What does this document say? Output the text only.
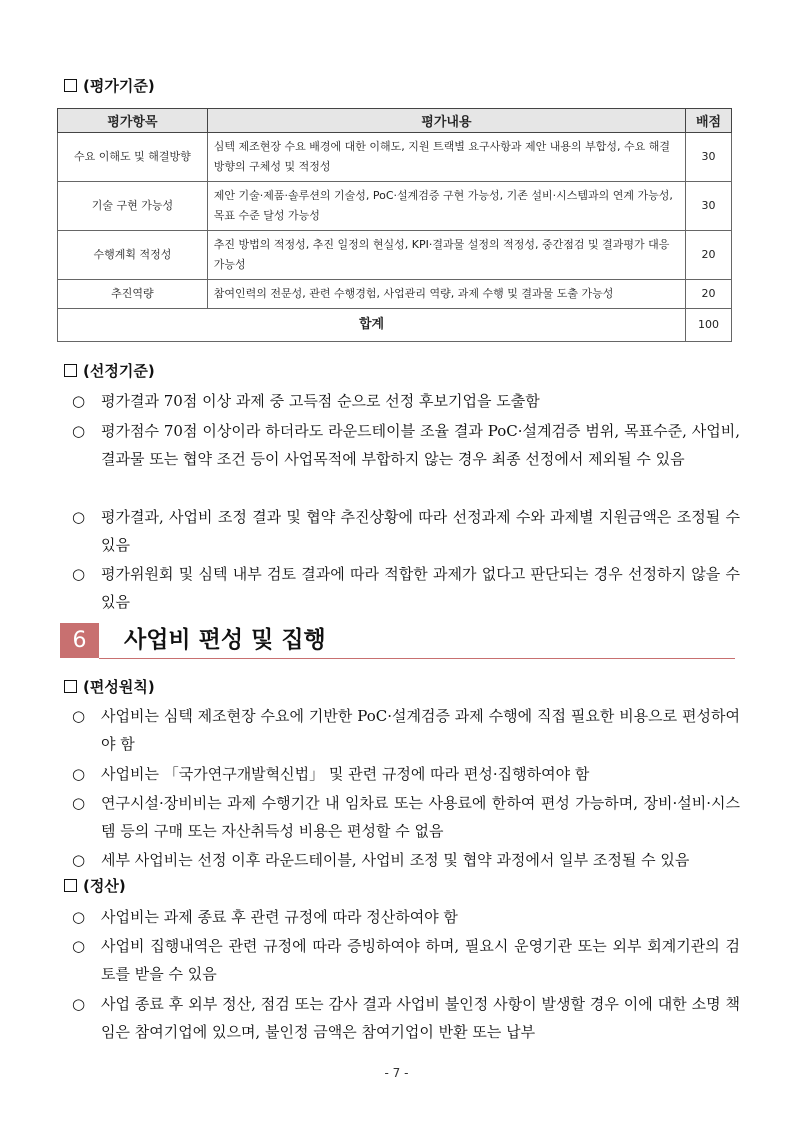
(평가기준)
평가항목	평가내용	배점
수요 이해도 및 해결방향	심텍 제조현장 수요 배경에 대한 이해도, 지원 트랙별 요구사항과 제안 내용의 부합성, 수요 해결 방향의 구체성 및 적정성	30
기술 구현 가능성	제안 기술·제품·솔루션의 기술성, PoC·설계검증 구현 가능성, 기존 설비·시스템과의 연계 가능성, 목표 수준 달성 가능성	30
수행계획 적정성	추진 방법의 적정성, 추진 일정의 현실성, KPI·결과물 설정의 적정성, 중간점검 및 결과평가 대응 가능성	20
추진역량	참여인력의 전문성, 관련 수행경험, 사업관리 역량, 과제 수행 및 결과물 도출 가능성	20
합계		100
(선정기준)
○	평가결과 70점 이상 과제 중 고득점 순으로 선정 후보기업을 도출함
○	평가점수 70점 이상이라 하더라도 라운드테이블 조율 결과 PoC·설계검증 범위, 목표수준, 사업비, 결과물 또는 협약 조건 등이 사업목적에 부합하지 않는 경우 최종 선정에서 제외될 수 있음
○	평가결과, 사업비 조정 결과 및 협약 추진상황에 따라 선정과제 수와 과제별 지원금액은 조정될 수 있음
○	평가위원회 및 심텍 내부 검토 결과에 따라 적합한 과제가 없다고 판단되는 경우 선정하지 않을 수 있음
6	사업비 편성 및 집행
(편성원칙)
○	사업비는 심텍 제조현장 수요에 기반한 PoC·설계검증 과제 수행에 직접 필요한 비용으로 편성하여야 함
○	사업비는 「국가연구개발혁신법」 및 관련 규정에 따라 편성·집행하여야 함
○	연구시설·장비비는 과제 수행기간 내 임차료 또는 사용료에 한하여 편성 가능하며, 장비·설비·시스템 등의 구매 또는 자산취득성 비용은 편성할 수 없음
○	세부 사업비는 선정 이후 라운드테이블, 사업비 조정 및 협약 과정에서 일부 조정될 수 있음
(정산)
○	사업비는 과제 종료 후 관련 규정에 따라 정산하여야 함
○	사업비 집행내역은 관련 규정에 따라 증빙하여야 하며, 필요시 운영기관 또는 외부 회계기관의 검토를 받을 수 있음
○	사업 종료 후 외부 정산, 점검 또는 감사 결과 사업비 불인정 사항이 발생할 경우 이에 대한 소명 책임은 참여기업에 있으며, 불인정 금액은 참여기업이 반환 또는 납부
- 7 -
